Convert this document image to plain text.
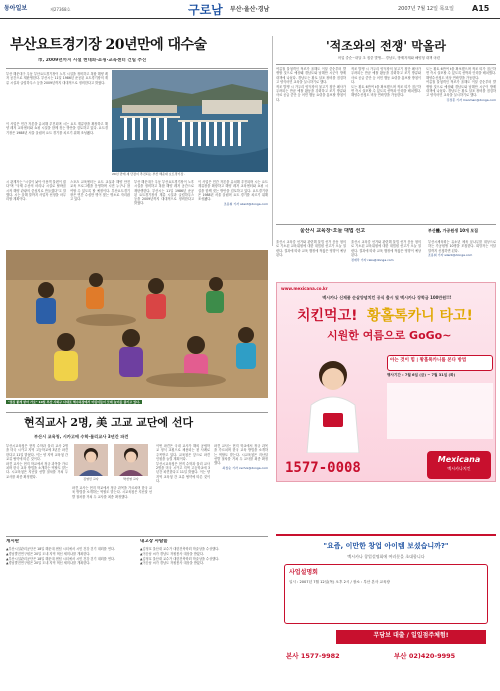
동아일보	제27368호	구로남 부산·울산·경남	2007년 7월 12일 목요일 A15
부산요트경기장 20년만에 대수술
市, 2009년까지 시설 현대화·쇼핑·교육센터 건립 추진

부산 해운대구 우동 부산요트경기장이 노후 시설을 정비하고 복합 해양 레저 공간으로 재탄생한다. 부산시는 11일 1986년 준공된 요트경기장의 계류 시설과 클럽하우스 등을 2009년까지 대대적으로 정비한다고 밝혔다.

이 사업은 민간 자본을 유치해 추진되며 시는 요트 계류장을 확장하고 해양 레저 교육센터와 쇼핑 시설을 함께 짓는 방안을 검토하고 있다. 요트경기장은 1988년 서울 올림픽 요트 경기를 치르기 위해 조성됐다.

20년 만에 새 단장이 추진되는 부산 해운대 요트경기장 .

시 관계자는 "시설이 낡아 이용객 불편이 컸다"며 "국제 수준의 마리나 시설로 탈바꿈시켜 해양 관광의 중심지로 만들겠다"고 말했다. 시는 올해 말까지 사업자 선정을 마무리할 계획이다.

스포츠 교육센터는 요트 교실과 해양 안전 교육 프로그램을 운영하며 시민 누구나 참여할 수 있도록 할 예정이다. 부산요트경기장은 연간 수십만 명이 찾는 명소로 자리잡고 있다.

부산 해운대구 우동 부산요트경기장이 노후 시설을 정비하고 복합 해양 레저 공간으로 재탄생한다. 부산시는 11일 1986년 준공된 요트경기장의 계류 시설과 클럽하우스 등을 2009년까지 대대적으로 정비한다고 밝혔다.

이 사업은 민간 자본을 유치해 추진되며 시는 요트 계류장을 확장하고 해양 레저 교육센터와 쇼핑 시설을 함께 짓는 방안을 검토하고 있다. 요트경기장은 1988년 서울 올림픽 요트 경기를 치르기 위해 조성됐다.

조용휘 기자 silent@donga.com

'적조와의 전쟁' 막올라
어업 중순~내달 초 집중 발생… 경남도, 방제자재와 해양청 대책 마련

여름철 불청객인 적조가 올해도 이달 중순부터 발생할 것으로 예상돼 경남도와 남해안 시군이 방제 대책에 나섰다. 경남도는 황토 살포 장비를 점검하고 양식어민 교육을 실시하기로 했다.

적조 발생 시 가두리 양식장의 물고기 집단 폐사가 우려되는 만큼 예찰 활동을 강화하고 조기 방류와 사료 공급 중단 등 어민 행동 요령을 홍보할 방침이다.

적조 발생 시 가두리 양식장의 물고기 집단 폐사가 우려되는 만큼 예찰 활동을 강화하고 조기 방류와 사료 공급 중단 등 어민 행동 요령을 홍보할 방침이다.

도는 황토 6만여 t을 확보했으며 적조 띠가 접근하면 즉시 살포할 수 있도록 선박과 인력을 배치했다. 해양수산청도 비상 연락망을 가동한다.

도는 황토 6만여 t을 확보했으며 적조 띠가 접근하면 즉시 살포할 수 있도록 선박과 인력을 배치했다. 해양수산청도 비상 연락망을 가동한다.

여름철 불청객인 적조가 올해도 이달 중순부터 발생할 것으로 예상돼 경남도와 남해안 시군이 방제 대책에 나섰다. 경남도는 황토 살포 장비를 점검하고 양식어민 교육을 실시하기로 했다.

강정훈 기자 manman@donga.com

울산시 교육장·오늘 대법 선고

울산시 교육감 선거와 관련해 불법 선거 운동 혐의로 기소된 교육위원에 대한 대법원 선고가 오늘 열린다. 결과에 따라 교육 행정에 적잖은 영향이 예상된다.

울산시 교육감 선거와 관련해 불법 선거 운동 혐의로 기소된 교육위원에 대한 대법원 선고가 오늘 열린다. 결과에 따라 교육 행정에 적잖은 영향이 예상된다.

정재락 기자 raks@donga.com

부산體, 가공원생 10개 모집

부산시체육회는 유소년 체육 꿈나무를 대상으로 하는 가공원생 10명을 모집한다. 희망자는 이달 말까지 신청하면 된다.

조용휘 기자 silent@donga.com

"점심 좋게 받아 가요" 10일 부산 사하구 다대포 해수욕장에서 어린이들이 모래 놀이를 즐기고 있다.
www.mexicana.co.kr
멕시카나 신제품 순살양념치킨 공식 출시 및 멕시카나 장학금 100만원!!!
치킨먹고! 황홀톡카니 타고!
시원한 여름으로 GoGo~
아는 것이 힘 | 황홀톡카니를 본다 방법
행사기간 : 7월 6일 (금) ~ 7월 31일 (화)
1577-0008
Mexicana
멕시카나치킨
현직교사 2명, 美 고교 교단에 선다
부산시 교육청, 시카고에 수학·물리교사 3년간 파견

부산시교육청은 현직 수학과 물리 교사 2명을 미국 시카고 지역 고등학교에 3년간 파견한다고 11일 밝혔다. 이는 양 지역 교육청 간 교류 협약에 따른 것이다.

파견 교사는 현지 학교에서 정규 과목을 가르치며 한국 교육 방법을 소개하는 역할도 맡는다. 시교육청은 지난달 선발 절차를 거쳐 두 교사를 최종 확정했다.

김영민 교사	박선영 교사

파견 교사는 현지 학교에서 정규 과목을 가르치며 한국 교육 방법을 소개하는 역할도 맡는다. 시교육청은 지난달 선발 절차를 거쳐 두 교사를 최종 확정했다.

이번 파견은 국내 교사가 해외 공립학교 정식 교원으로 채용되는 첫 사례로 주목받고 있다. 교육청은 앞으로 파견 인원을 늘릴 계획이다.

부산시교육청은 현직 수학과 물리 교사 2명을 미국 시카고 지역 고등학교에 3년간 파견한다고 11일 밝혔다. 이는 양 지역 교육청 간 교류 협약에 따른 것이다.

파견 교사는 현지 학교에서 정규 과목을 가르치며 한국 교육 방법을 소개하는 역할도 맡는다. 시교육청은 지난달 선발 절차를 거쳐 두 교사를 최종 확정했다.

최창순 기자 cschoi@donga.com

게시판

▲부산시설관리공단은 18일 해운대 센텀 시티에서 시민 건강 걷기 대회를 연다.

▲경남발전연구원은 20일 도내 지역 혁신 세미나를 개최한다.

▲부산시설관리공단은 18일 해운대 센텀 시티에서 시민 건강 걷기 대회를 연다.

▲경남발전연구원은 20일 도내 지역 혁신 세미나를 개최한다.

내고장 사람들

▲김정호 울산대 교수가 대한건축학회 학술상을 수상했다.

▲이순남 씨가 경남도 자원봉사 대상을 받았다.

▲김정호 울산대 교수가 대한건축학회 학술상을 수상했다.

▲이순남 씨가 경남도 자원봉사 대상을 받았다.

"요즘, 이만한 창업 아이템 보셨습니까?"
멕시카나 창업설명회에 여러분을 초대합니다
사업설명회
일시 : 2007년 7월 12일(목) 오후 2시 / 장소 : 부산 본사 교육장
무담보 대출 / 일일점주체험!
본사 1577-9982	부산 02)420-9995
